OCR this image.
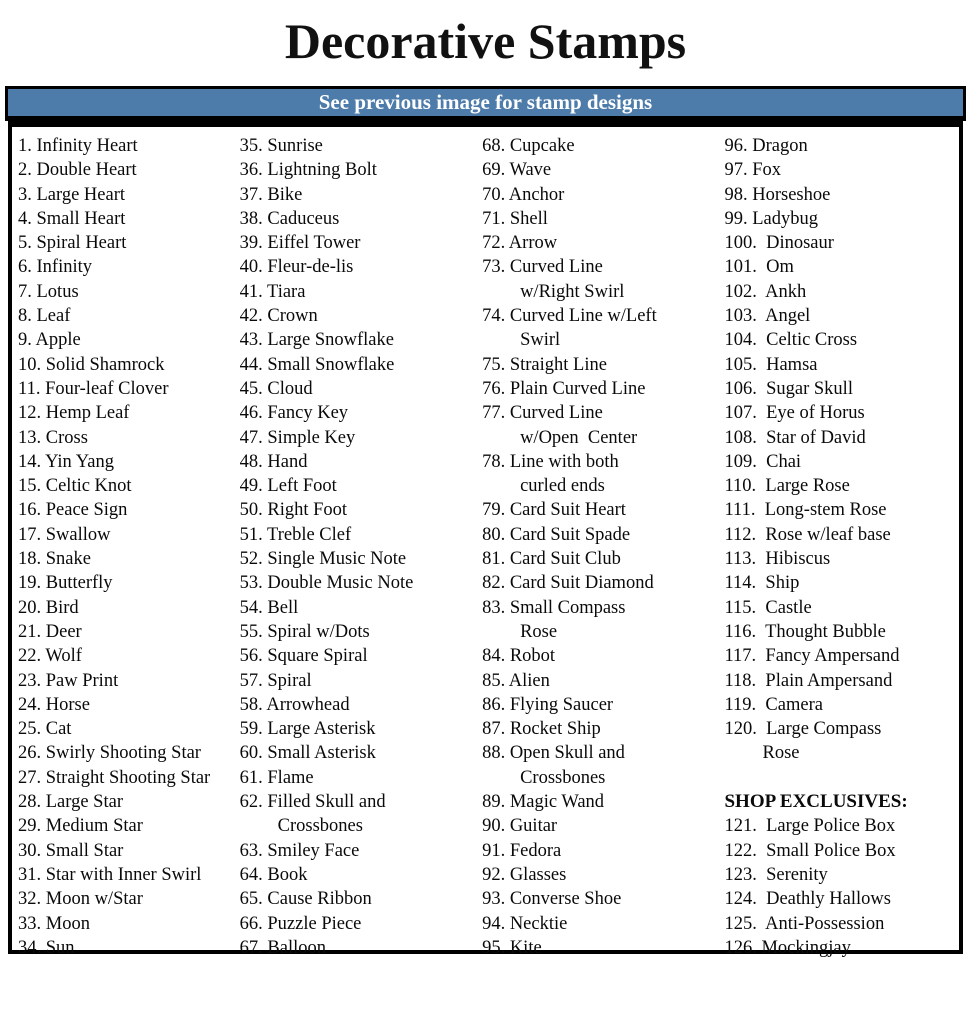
Decorative Stamps
See previous image for stamp designs
1. Infinity Heart
2. Double Heart
3. Large Heart
4. Small Heart
5. Spiral Heart
6. Infinity
7. Lotus
8. Leaf
9. Apple
10. Solid Shamrock
11. Four-leaf Clover
12. Hemp Leaf
13. Cross
14. Yin Yang
15. Celtic Knot
16. Peace Sign
17. Swallow
18. Snake
19. Butterfly
20. Bird
21. Deer
22. Wolf
23. Paw Print
24. Horse
25. Cat
26. Swirly Shooting Star
27. Straight Shooting Star
28. Large Star
29. Medium Star
30. Small Star
31. Star with Inner Swirl
32. Moon w/Star
33. Moon
34. Sun
35. Sunrise
36. Lightning Bolt
37. Bike
38. Caduceus
39. Eiffel Tower
40. Fleur-de-lis
41. Tiara
42. Crown
43. Large Snowflake
44. Small Snowflake
45. Cloud
46. Fancy Key
47. Simple Key
48. Hand
49. Left Foot
50. Right Foot
51. Treble Clef
52. Single Music Note
53. Double Music Note
54. Bell
55. Spiral w/Dots
56. Square Spiral
57. Spiral
58. Arrowhead
59. Large Asterisk
60. Small Asterisk
61. Flame
62. Filled Skull and
Crossbones
63. Smiley Face
64. Book
65. Cause Ribbon
66. Puzzle Piece
67. Balloon
68. Cupcake
69. Wave
70. Anchor
71. Shell
72. Arrow
73. Curved Line
w/Right Swirl
74. Curved Line w/Left
Swirl
75. Straight Line
76. Plain Curved Line
77. Curved Line
w/Open  Center
78. Line with both
curled ends
79. Card Suit Heart
80. Card Suit Spade
81. Card Suit Club
82. Card Suit Diamond
83. Small Compass
Rose
84. Robot
85. Alien
86. Flying Saucer
87. Rocket Ship
88. Open Skull and
Crossbones
89. Magic Wand
90. Guitar
91. Fedora
92. Glasses
93. Converse Shoe
94. Necktie
95. Kite
96. Dragon
97. Fox
98. Horseshoe
99. Ladybug
100.  Dinosaur
101.  Om
102.  Ankh
103.  Angel
104.  Celtic Cross
105.  Hamsa
106.  Sugar Skull
107.  Eye of Horus
108.  Star of David
109.  Chai
110.  Large Rose
111.  Long-stem Rose
112.  Rose w/leaf base
113.  Hibiscus
114.  Ship
115.  Castle
116.  Thought Bubble
117.  Fancy Ampersand
118.  Plain Ampersand
119.  Camera
120.  Large Compass
Rose
SHOP EXCLUSIVES:
121.  Large Police Box
122.  Small Police Box
123.  Serenity
124.  Deathly Hallows
125.  Anti-Possession
126. Mockingjay
